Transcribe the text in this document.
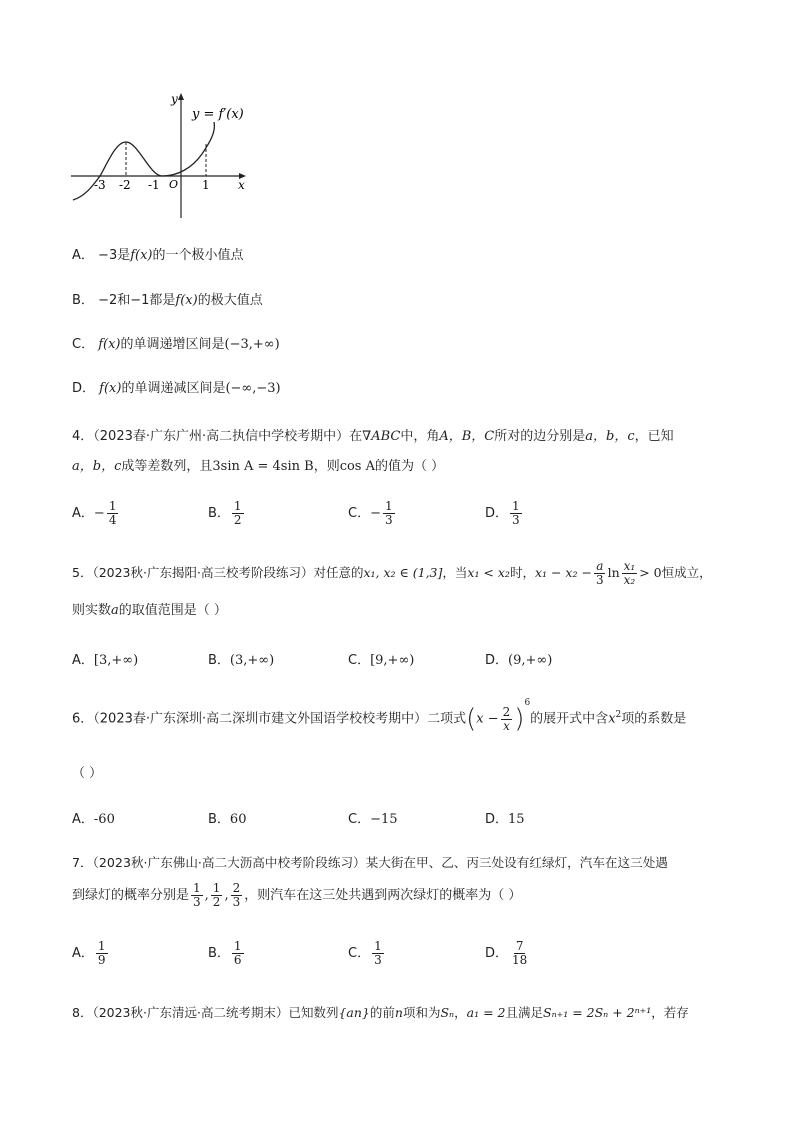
y
y = f′(x)
x
O
-3 -2 -1	1
A． −3是f(x)的一个极小值点
B． −2和−1都是f(x)的极大值点
C． f(x)的单调递增区间是(−3,+∞)
D． f(x)的单调递减区间是(−∞,−3)
4．（2023春·广东广州·高二执信中学校考期中）在∇ABC中，角A，B，C所对的边分别是a，b，c，已知
a，b，c成等差数列，且3sin A = 4sin B，则cos A的值为（ ）
A．− $\frac{1}{4}$	B． $\frac{1}{2}$	C．− $\frac{1}{3}$	D． $\frac{1}{3}$
5．（2023秋·广东揭阳·高三校考阶段练习）对任意的x₁, x₂ ∈ (1,3]，当x₁ < x₂时，$x_1 - x_2 - \frac{a}{3}$ $\ln \frac{\text{x₁}}{\text{x₂}} > 0$恒成立，
则实数a的取值范围是（ ）
A．[3,+∞)	B．(3,+∞)	C．[9,+∞)	D．(9,+∞)
6．（2023春·广东深圳·高二深圳市建文外国语学校校考期中）二项式$(x - \frac{2}{x} )^6$的展开式中含$x^2$项的系数是
（ ）
A．-60	B．60	C．−15	D．15
7．（2023秋·广东佛山·高二大沥高中校考阶段练习）某大街在甲、乙、丙三处设有红绿灯，汽车在这三处遇
到绿灯的概率分别是 $\frac{1}{3}$ , $\frac{1}{2}$ , $\frac{2}{3}$ ，则汽车在这三处共遇到两次绿灯的概率为（ ）
A． $\frac{1}{9}$	B． $\frac{1}{6}$	C． $\frac{1}{3}$	D． $\frac{7}{18}$
8．（2023秋·广东清远·高二统考期末）已知数列{an}的前n项和为Sₙ，a₁ = 2且满足Sₙ₊₁ = 2Sₙ + 2ⁿ⁺¹，若存
